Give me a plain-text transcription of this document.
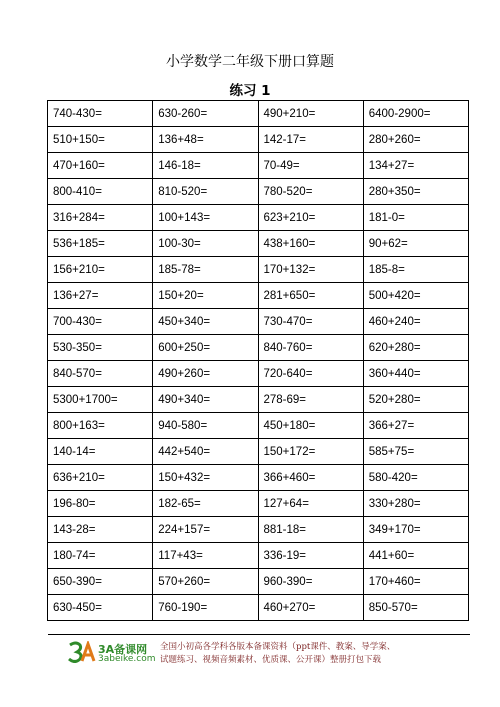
小学数学二年级下册口算题
练习 1
740-430=	630-260=	490+210=	6400-2900=
510+150=	136+48=	142-17=	280+260=
470+160=	146-18=	70-49=	134+27=
800-410=	810-520=	780-520=	280+350=
316+284=	100+143=	623+210=	181-0=
536+185=	100-30=	438+160=	90+62=
156+210=	185-78=	170+132=	185-8=
136+27=	150+20=	281+650=	500+420=
700-430=	450+340=	730-470=	460+240=
530-350=	600+250=	840-760=	620+280=
840-570=	490+260=	720-640=	360+440=
5300+1700=	490+340=	278-69=	520+280=
800+163=	940-580=	450+180=	366+27=
140-14=	442+540=	150+172=	585+75=
636+210=	150+432=	366+460=	580-420=
196-80=	182-65=	127+64=	330+280=
143-28=	224+157=	881-18=	349+170=
180-74=	117+43=	336-19=	441+60=
650-390=	570+260=	960-390=	170+460=
630-450=	760-190=	460+270=	850-570=
3A备课网
3abeike.com
全国小初高各学科各版本备课资料（ppt课件、教案、导学案、
试题练习、视频音频素材、优质课、公开课）整册打包下载
